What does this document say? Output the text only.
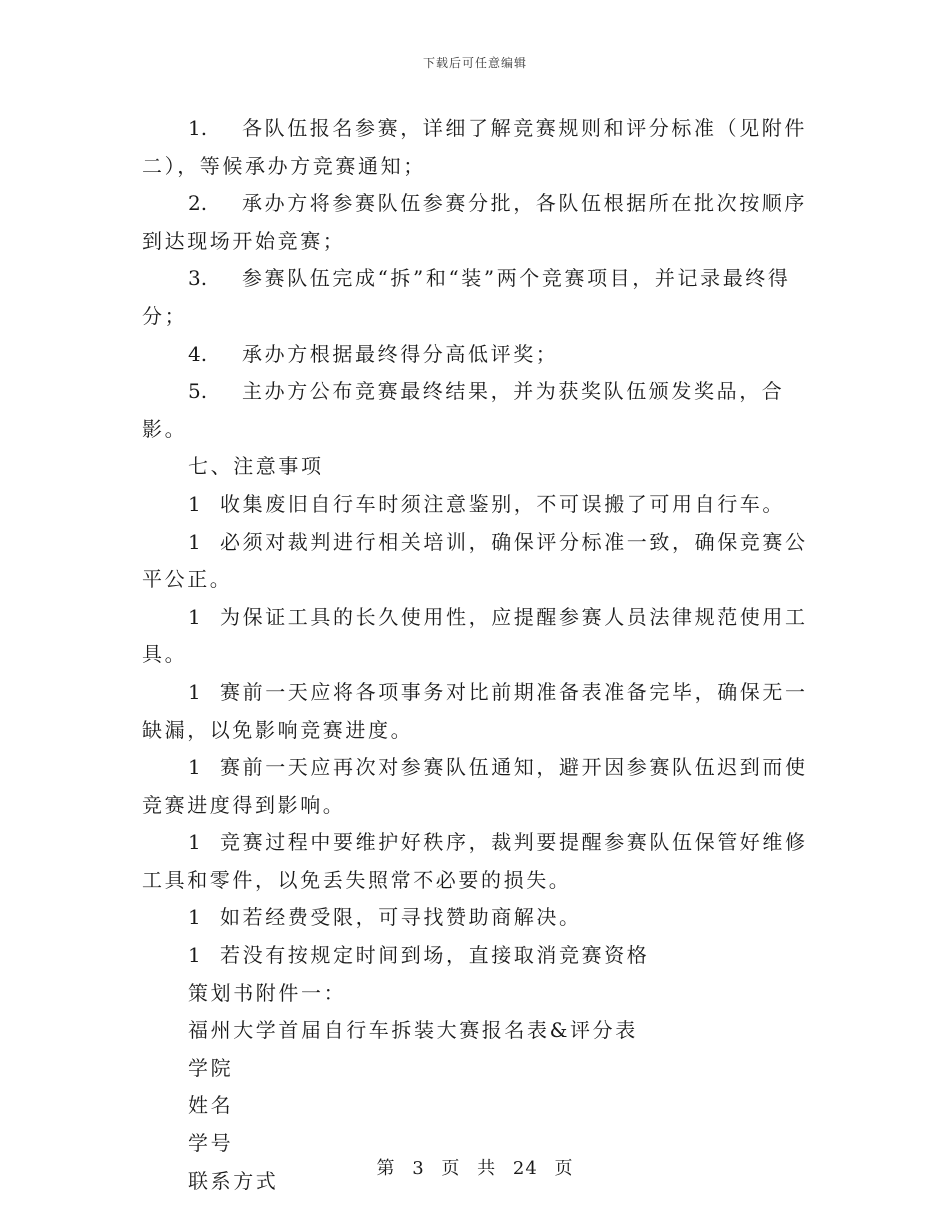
下载后可任意编辑

1. 各队伍报名参赛，详细了解竞赛规则和评分标准（见附件二），等候承办方竞赛通知；

2. 承办方将参赛队伍参赛分批，各队伍根据所在批次按顺序到达现场开始竞赛；

3. 参赛队伍完成“拆”和“装”两个竞赛项目，并记录最终得分；

4. 承办方根据最终得分高低评奖；

5. 主办方公布竞赛最终结果，并为获奖队伍颁发奖品，合影。

七、注意事项

1 收集废旧自行车时须注意鉴别，不可误搬了可用自行车。

1 必须对裁判进行相关培训，确保评分标准一致，确保竞赛公平公正。

1 为保证工具的长久使用性，应提醒参赛人员法律规范使用工具。

1 赛前一天应将各项事务对比前期准备表准备完毕，确保无一缺漏，以免影响竞赛进度。

1 赛前一天应再次对参赛队伍通知，避开因参赛队伍迟到而使竞赛进度得到影响。

1 竞赛过程中要维护好秩序，裁判要提醒参赛队伍保管好维修工具和零件，以免丢失照常不必要的损失。

1 如若经费受限，可寻找赞助商解决。

1 若没有按规定时间到场，直接取消竞赛资格

策划书附件一：

福州大学首届自行车拆装大赛报名表&评分表

学院

姓名

学号

联系方式

第 3 页 共 24 页
